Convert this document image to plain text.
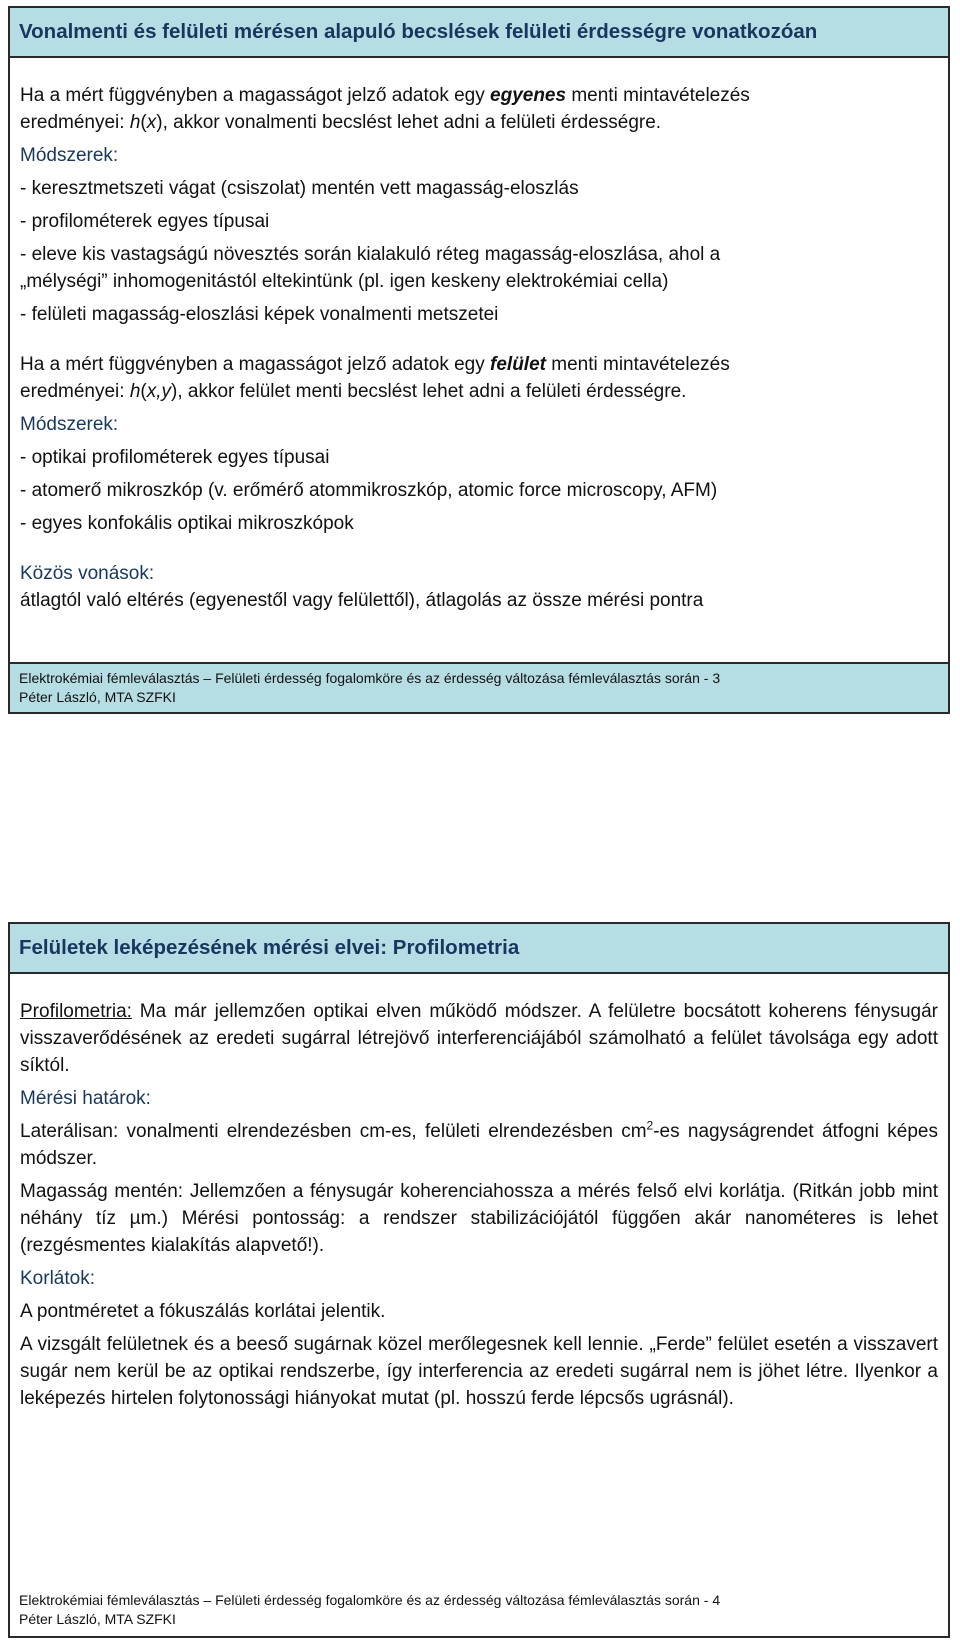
Vonalmenti és felületi mérésen alapuló becslések felületi érdességre vonatkozóan

Ha a mért függvényben a magasságot jelző adatok egy egyenes menti mintavételezés
eredményei: h(x), akkor vonalmenti becslést lehet adni a felületi érdességre.

Módszerek:

- keresztmetszeti vágat (csiszolat) mentén vett magasság-eloszlás

- profilométerek egyes típusai

- eleve kis vastagságú növesztés során kialakuló réteg magasság-eloszlása, ahol a

„mélységi” inhomogenitástól eltekintünk (pl. igen keskeny elektrokémiai cella)

- felületi magasság-eloszlási képek vonalmenti metszetei

Ha a mért függvényben a magasságot jelző adatok egy felület menti mintavételezés
eredményei: h(x,y), akkor felület menti becslést lehet adni a felületi érdességre.

Módszerek:

- optikai profilométerek egyes típusai

- atomerő mikroszkóp (v. erőmérő atommikroszkóp, atomic force microscopy, AFM)

- egyes konfokális optikai mikroszkópok

Közös vonások:

átlagtól való eltérés (egyenestől vagy felülettől), átlagolás az össze mérési pontra

Elektrokémiai fémleválasztás – Felületi érdesség fogalomköre és az érdesség változása fémleválasztás során - 3
Péter László, MTA SZFKI
Felületek leképezésének mérési elvei: Profilometria

Profilometria: Ma már jellemzően optikai elven működő módszer. A felületre bocsátott koherens fénysugár visszaverődésének az eredeti sugárral létrejövő interferenciájából számolható a felület távolsága egy adott síktól.

Mérési határok:

Laterálisan: vonalmenti elrendezésben cm-es, felületi elrendezésben $cm^2-es$ nagyságrendet átfogni képes módszer.

Magasság mentén: Jellemzően a fénysugár koherenciahossza a mérés felső elvi korlátja. (Ritkán jobb mint néhány tíz µm.) Mérési pontosság: a rendszer stabilizációjától függően akár nanométeres is lehet (rezgésmentes kialakítás alapvető!).

Korlátok:

A pontméretet a fókuszálás korlátai jelentik.

A vizsgált felületnek és a beeső sugárnak közel merőlegesnek kell lennie. „Ferde” felület esetén a visszavert sugár nem kerül be az optikai rendszerbe, így interferencia az eredeti sugárral nem is jöhet létre. Ilyenkor a leképezés hirtelen folytonossági hiányokat mutat (pl. hosszú ferde lépcsős ugrásnál).

Elektrokémiai fémleválasztás – Felületi érdesség fogalomköre és az érdesség változása fémleválasztás során - 4
Péter László, MTA SZFKI
